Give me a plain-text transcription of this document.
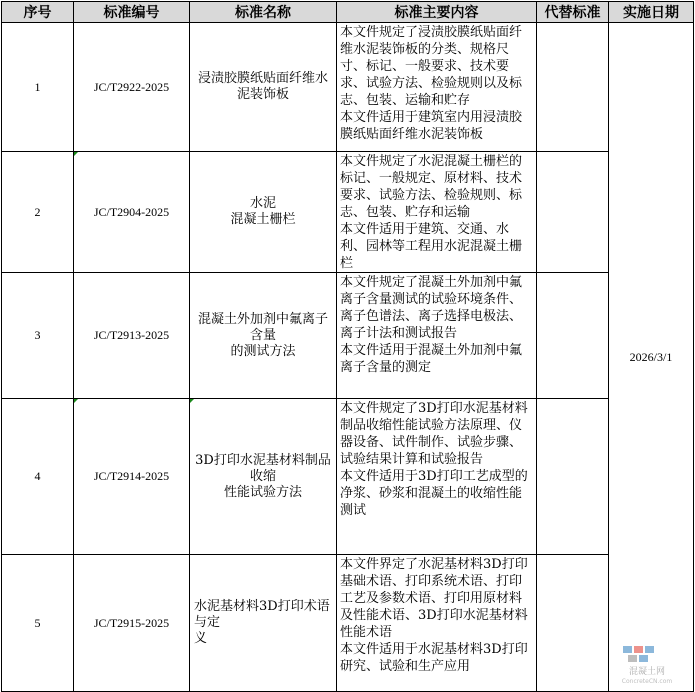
序号	标准编号	标准名称	标准主要内容	代替标准	实施日期
1	JC/T2922-2025	浸渍胶膜纸贴面纤维水泥装饰板	本文件规定了浸渍胶膜纸贴面纤维水泥装饰板的分类、规格尺寸、标记、一般要求、技术要求、试验方法、检验规则以及标志、包装、运输和贮存
本文件适用于建筑室内用浸渍胶膜纸贴面纤维水泥装饰板		2026/3/1
2	JC/T2904-2025	水泥
混凝土栅栏	本文件规定了水泥混凝土栅栏的标记、一般规定、原材料、技术要求、试验方法、检验规则、标志、包装、贮存和运输
本文件适用于建筑、交通、水利、园林等工程用水泥混凝土栅栏		
3	JC/T2913-2025	混凝土外加剂中氟离子含量
的测试方法	本文件规定了混凝土外加剂中氟离子含量测试的试验环境条件、离子色谱法、离子选择电极法、离子计法和测试报告
本文件适用于混凝土外加剂中氟离子含量的测定		
4	JC/T2914-2025	3D打印水泥基材料制品收缩
性能试验方法	本文件规定了3D打印水泥基材料制品收缩性能试验方法原理、仪器设备、试件制作、试验步骤、试验结果计算和试验报告
本文件适用于3D打印工艺成型的净浆、砂浆和混凝土的收缩性能测试		
5	JC/T2915-2025	水泥基材料3D打印术语与定
义	本文件界定了水泥基材料3D打印基础术语、打印系统术语、打印工艺及参数术语、打印用原材料及性能术语、3D打印水泥基材料性能术语
本文件适用于水泥基材料3D打印研究、试验和生产应用			混凝土网
ConcreteCN.com
